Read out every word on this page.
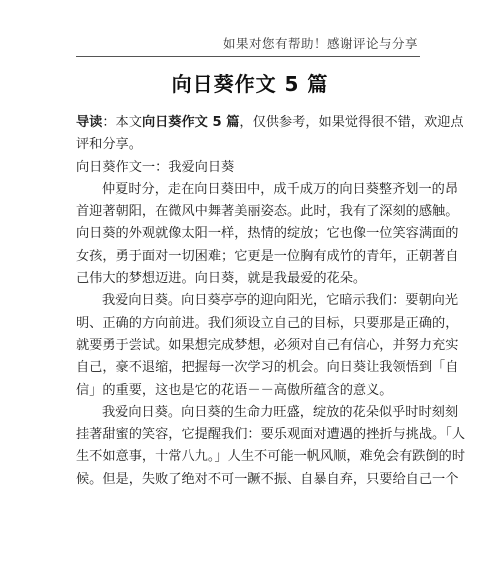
如果对您有帮助！感谢评论与分享
向日葵作文 5 篇
导读：本文向日葵作文 5 篇，仅供参考，如果觉得很不错，欢迎点
评和分享。
向日葵作文一：我爱向日葵
仲夏时分，走在向日葵田中，成千成万的向日葵整齐划一的昂
首迎著朝阳，在微风中舞著美丽姿态。此时，我有了深刻的感触。
向日葵的外观就像太阳一样，热情的绽放；它也像一位笑容满面的
女孩，勇于面对一切困难；它更是一位胸有成竹的青年，正朝著自
己伟大的梦想迈进。向日葵，就是我最爱的花朵。
我爱向日葵。向日葵亭亭的迎向阳光，它暗示我们：要朝向光
明、正确的方向前进。我们须设立自己的目标，只要那是正确的，
就要勇于尝试。如果想完成梦想，必须对自己有信心，并努力充实
自己，豪不退缩，把握每一次学习的机会。向日葵让我领悟到「自
信」的重要，这也是它的花语－－高傲所蕴含的意义。
我爱向日葵。向日葵的生命力旺盛，绽放的花朵似乎时时刻刻
挂著甜蜜的笑容，它提醒我们：要乐观面对遭遇的挫折与挑战。「人
生不如意事，十常八九。」人生不可能一帆风顺，难免会有跌倒的时
候。但是，失败了绝对不可一蹶不振、自暴自弃，只要给自己一个
